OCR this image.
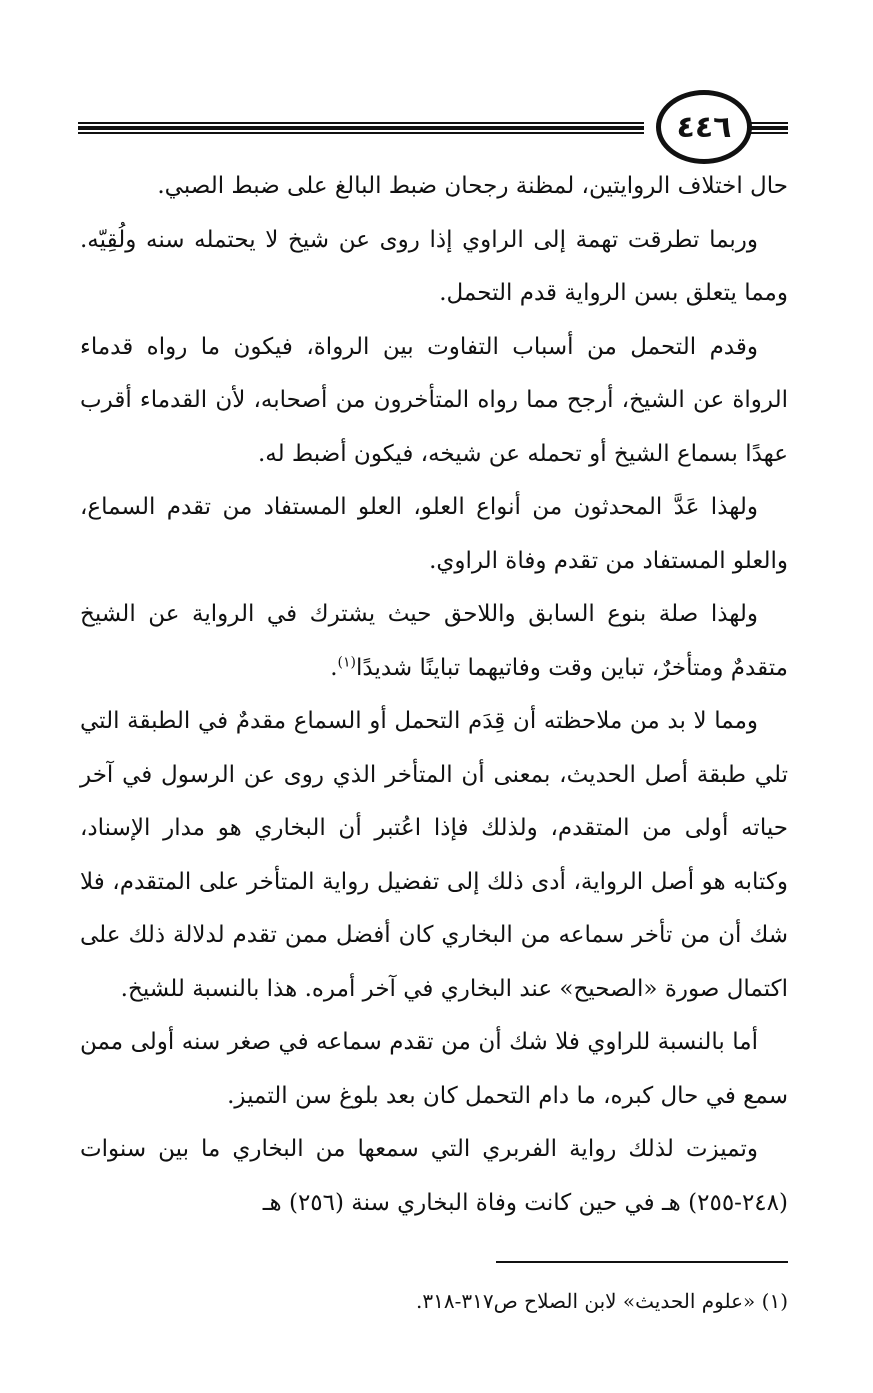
٤٤٦

حال اختلاف الروايتين، لمظنة رجحان ضبط البالغ على ضبط الصبي.

وربما تطرقت تهمة إلى الراوي إذا روى عن شيخ لا يحتمله سنه ولُقِيّه. ومما يتعلق بسن الرواية قدم التحمل.

وقدم التحمل من أسباب التفاوت بين الرواة، فيكون ما رواه قدماء الرواة عن الشيخ، أرجح مما رواه المتأخرون من أصحابه، لأن القدماء أقرب عهدًا بسماع الشيخ أو تحمله عن شيخه، فيكون أضبط له.

ولهذا عَدَّ المحدثون من أنواع العلو، العلو المستفاد من تقدم السماع، والعلو المستفاد من تقدم وفاة الراوي.

ولهذا صلة بنوع السابق واللاحق حيث يشترك في الرواية عن الشيخ متقدمٌ ومتأخرٌ، تباين وقت وفاتيهما تباينًا شديدًا$^{(١)}$.

ومما لا بد من ملاحظته أن قِدَم التحمل أو السماع مقدمٌ في الطبقة التي تلي طبقة أصل الحديث، بمعنى أن المتأخر الذي روى عن الرسول في آخر حياته أولى من المتقدم، ولذلك فإذا اعُتبر أن البخاري هو مدار الإسناد، وكتابه هو أصل الرواية، أدى ذلك إلى تفضيل رواية المتأخر على المتقدم، فلا شك أن من تأخر سماعه من البخاري كان أفضل ممن تقدم لدلالة ذلك على اكتمال صورة «الصحيح» عند البخاري في آخر أمره. هذا بالنسبة للشيخ.

أما بالنسبة للراوي فلا شك أن من تقدم سماعه في صغر سنه أولى ممن سمع في حال كبره، ما دام التحمل كان بعد بلوغ سن التميز.

وتميزت لذلك رواية الفربري التي سمعها من البخاري ما بين سنوات (٢٤٨-٢٥٥) هـ في حين كانت وفاة البخاري سنة (٢٥٦) هـ

(١) «علوم الحديث» لابن الصلاح ص٣١٧-٣١٨.
